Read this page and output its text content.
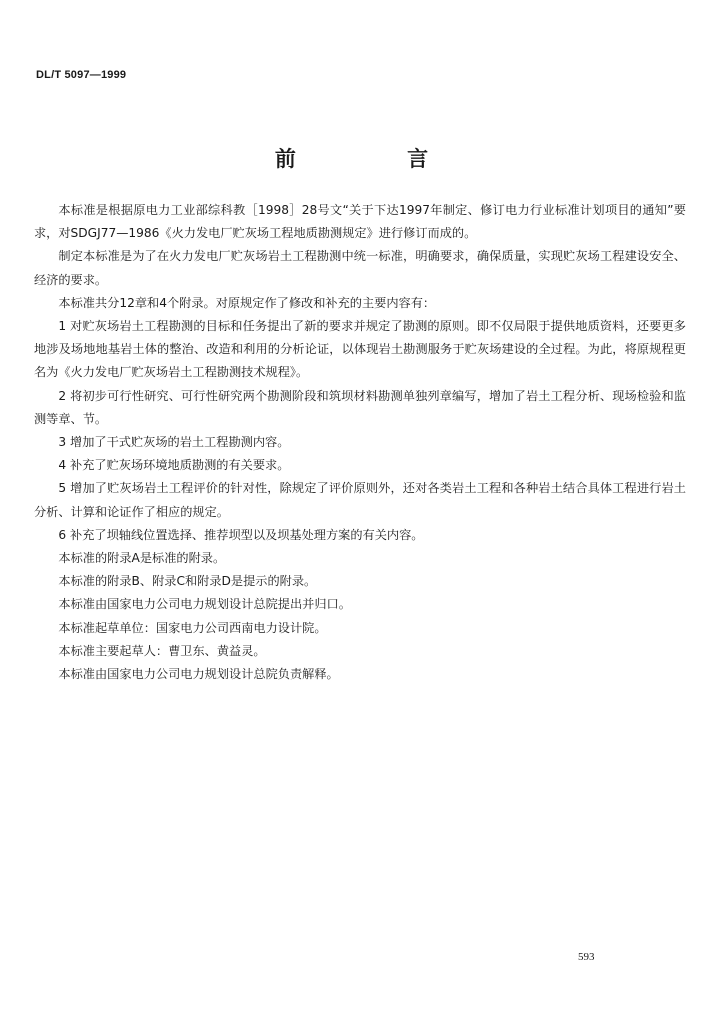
DL/T 5097—1999
前 言

本标准是根据原电力工业部综科教［1998］28号文“关于下达1997年制定、修订电力行业标准计划项目的通知”要求，对SDGJ77—1986《火力发电厂贮灰场工程地质勘测规定》进行修订而成的。

制定本标准是为了在火力发电厂贮灰场岩土工程勘测中统一标准，明确要求，确保质量，实现贮灰场工程建设安全、经济的要求。

本标准共分12章和4个附录。对原规定作了修改和补充的主要内容有：

1 对贮灰场岩土工程勘测的目标和任务提出了新的要求并规定了勘测的原则。即不仅局限于提供地质资料，还要更多地涉及场地地基岩土体的整治、改造和利用的分析论证，以体现岩土勘测服务于贮灰场建设的全过程。为此，将原规程更名为《火力发电厂贮灰场岩土工程勘测技术规程》。

2 将初步可行性研究、可行性研究两个勘测阶段和筑坝材料勘测单独列章编写，增加了岩土工程分析、现场检验和监测等章、节。

3 增加了干式贮灰场的岩土工程勘测内容。

4 补充了贮灰场环境地质勘测的有关要求。

5 增加了贮灰场岩土工程评价的针对性，除规定了评价原则外，还对各类岩土工程和各种岩土结合具体工程进行岩土分析、计算和论证作了相应的规定。

6 补充了坝轴线位置选择、推荐坝型以及坝基处理方案的有关内容。

本标准的附录A是标准的附录。

本标准的附录B、附录C和附录D是提示的附录。

本标准由国家电力公司电力规划设计总院提出并归口。

本标准起草单位：国家电力公司西南电力设计院。

本标准主要起草人：曹卫东、黄益灵。

本标准由国家电力公司电力规划设计总院负责解释。

593
